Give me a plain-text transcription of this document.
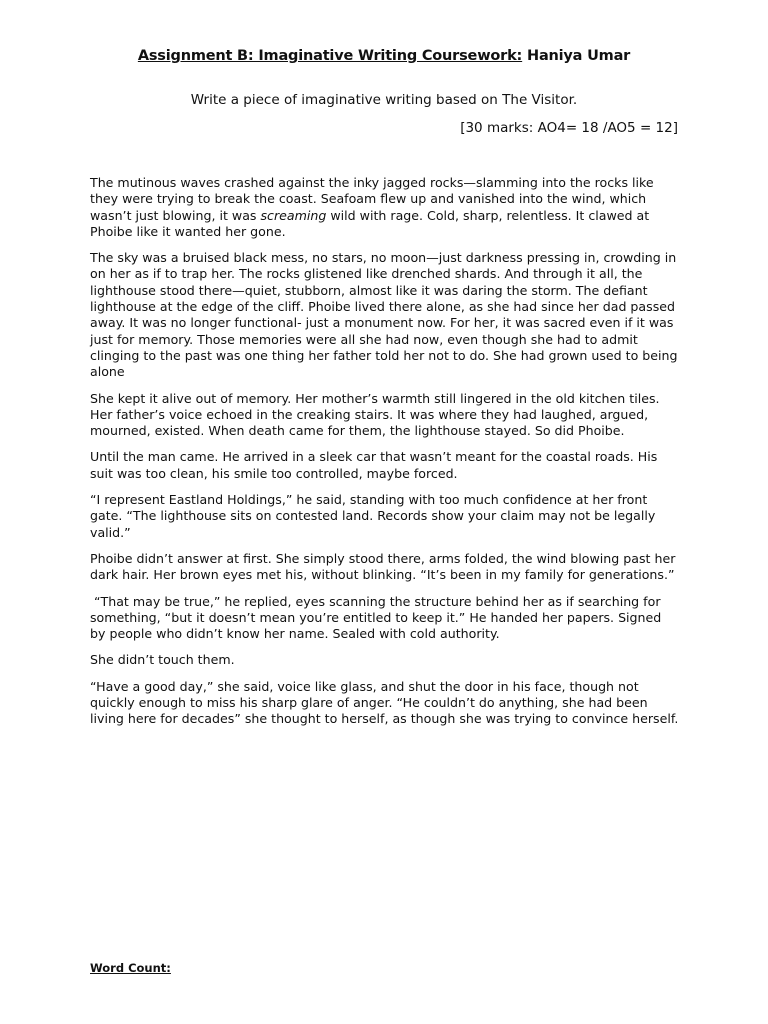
Assignment B: Imaginative Writing Coursework: Haniya Umar
Write a piece of imaginative writing based on The Visitor.
[30 marks: AO4= 18 /AO5 = 12]

The mutinous waves crashed against the inky jagged rocks—slamming into the rocks like they were trying to break the coast. Seafoam flew up and vanished into the wind, which wasn’t just blowing, it was screaming wild with rage. Cold, sharp, relentless. It clawed at Phoibe like it wanted her gone.

The sky was a bruised black mess, no stars, no moon—just darkness pressing in, crowding in on her as if to trap her. The rocks glistened like drenched shards. And through it all, the lighthouse stood there—quiet, stubborn, almost like it was daring the storm. The defiant lighthouse at the edge of the cliff. Phoibe lived there alone, as she had since her dad passed away. It was no longer functional- just a monument now. For her, it was sacred even if it was just for memory. Those memories were all she had now, even though she had to admit clinging to the past was one thing her father told her not to do. She had grown used to being alone

She kept it alive out of memory. Her mother’s warmth still lingered in the old kitchen tiles. Her father’s voice echoed in the creaking stairs. It was where they had laughed, argued, mourned, existed. When death came for them, the lighthouse stayed. So did Phoibe.

Until the man came. He arrived in a sleek car that wasn’t meant for the coastal roads. His suit was too clean, his smile too controlled, maybe forced.

“I represent Eastland Holdings,” he said, standing with too much confidence at her front gate. “The lighthouse sits on contested land. Records show your claim may not be legally valid.”

Phoibe didn’t answer at first. She simply stood there, arms folded, the wind blowing past her dark hair. Her brown eyes met his, without blinking. “It’s been in my family for generations.”

“That may be true,” he replied, eyes scanning the structure behind her as if searching for something, “but it doesn’t mean you’re entitled to keep it.” He handed her papers. Signed by people who didn’t know her name. Sealed with cold authority.

She didn’t touch them.

“Have a good day,” she said, voice like glass, and shut the door in his face, though not quickly enough to miss his sharp glare of anger. “He couldn’t do anything, she had been living here for decades” she thought to herself, as though she was trying to convince herself.

Word Count:
